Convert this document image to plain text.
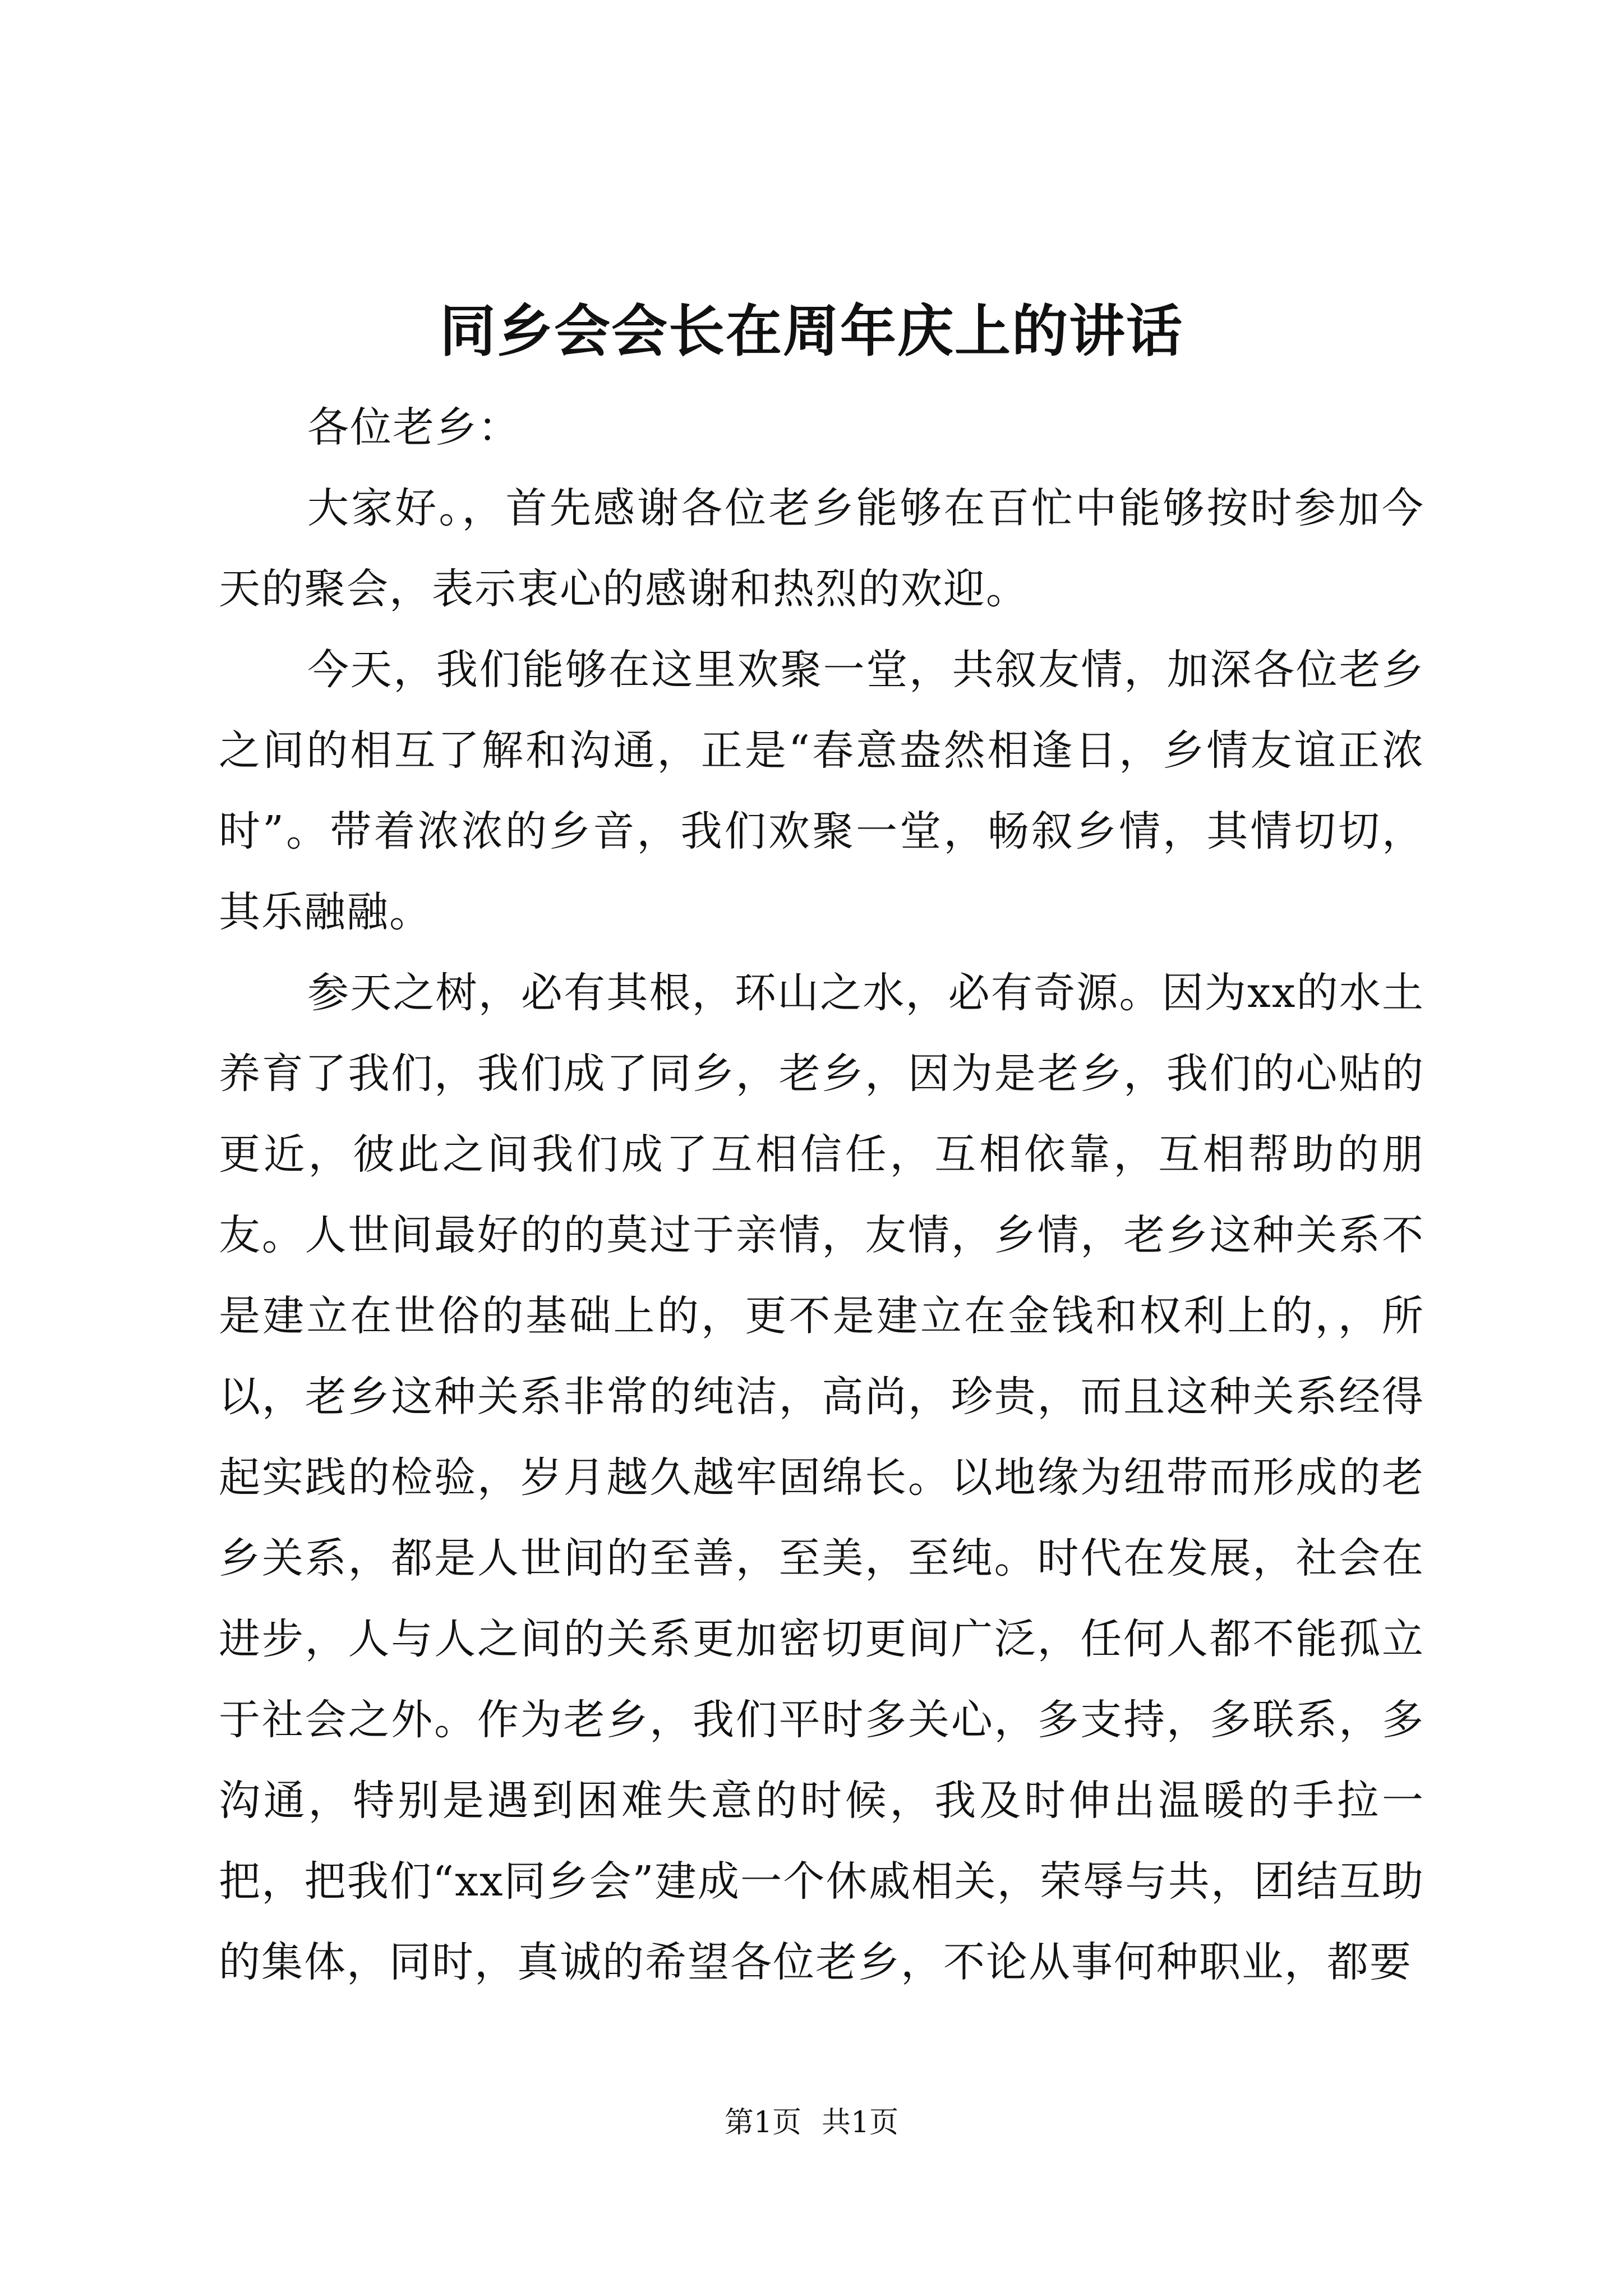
同乡会会长在周年庆上的讲话

各位老乡：

大家好。，首先感谢各位老乡能够在百忙中能够按时参加今天的聚会，表示衷心的感谢和热烈的欢迎。

今天，我们能够在这里欢聚一堂，共叙友情，加深各位老乡之间的相互了解和沟通，正是“春意盎然相逢日，乡情友谊正浓时”。带着浓浓的乡音，我们欢聚一堂，畅叙乡情，其情切切，其乐融融。

参天之树，必有其根，环山之水，必有奇源。因为xx的水土养育了我们，我们成了同乡，老乡，因为是老乡，我们的心贴的更近，彼此之间我们成了互相信任，互相依靠，互相帮助的朋友。人世间最好的的莫过于亲情，友情，乡情，老乡这种关系不是建立在世俗的基础上的，更不是建立在金钱和权利上的，，所以，老乡这种关系非常的纯洁，高尚，珍贵，而且这种关系经得起实践的检验，岁月越久越牢固绵长。以地缘为纽带而形成的老乡关系，都是人世间的至善，至美，至纯。时代在发展，社会在进步，人与人之间的关系更加密切更间广泛，任何人都不能孤立于社会之外。作为老乡，我们平时多关心，多支持，多联系，多沟通，特别是遇到困难失意的时候，我及时伸出温暖的手拉一把，把我们“xx同乡会”建成一个休戚相关，荣辱与共，团结互助的集体，同时，真诚的希望各位老乡，不论从事何种职业，都要

第1页 共1页
